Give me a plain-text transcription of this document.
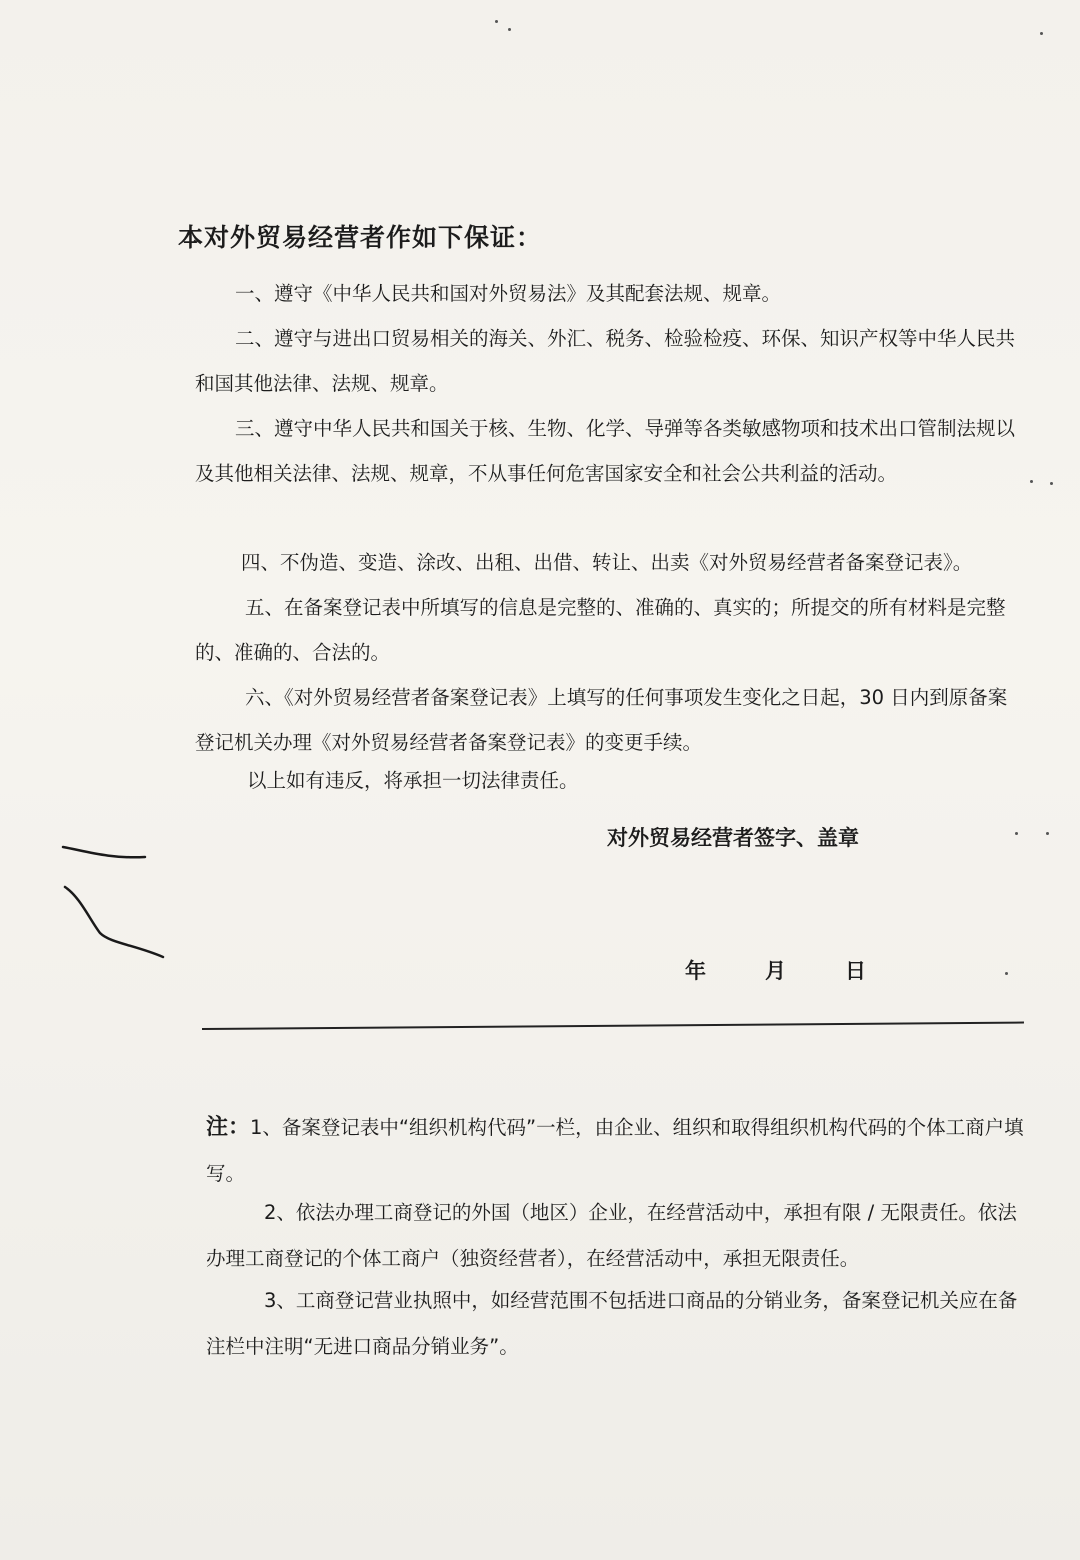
本对外贸易经营者作如下保证：
一、遵守《中华人民共和国对外贸易法》及其配套法规、规章。
二、遵守与进出口贸易相关的海关、外汇、税务、检验检疫、环保、知识产权等中华人民共和国其他法律、法规、规章。
三、遵守中华人民共和国关于核、生物、化学、导弹等各类敏感物项和技术出口管制法规以及其他相关法律、法规、规章，不从事任何危害国家安全和社会公共利益的活动。
四、不伪造、变造、涂改、出租、出借、转让、出卖《对外贸易经营者备案登记表》。
五、在备案登记表中所填写的信息是完整的、准确的、真实的；所提交的所有材料是完整的、准确的、合法的。
六、《对外贸易经营者备案登记表》上填写的任何事项发生变化之日起，30 日内到原备案登记机关办理《对外贸易经营者备案登记表》的变更手续。
以上如有违反，将承担一切法律责任。
对外贸易经营者签字、盖章
年	月	日
注：1、备案登记表中“组织机构代码”一栏，由企业、组织和取得组织机构代码的个体工商户填写。
2、依法办理工商登记的外国（地区）企业，在经营活动中，承担有限 / 无限责任。依法办理工商登记的个体工商户（独资经营者），在经营活动中，承担无限责任。
3、工商登记营业执照中，如经营范围不包括进口商品的分销业务，备案登记机关应在备注栏中注明“无进口商品分销业务”。
